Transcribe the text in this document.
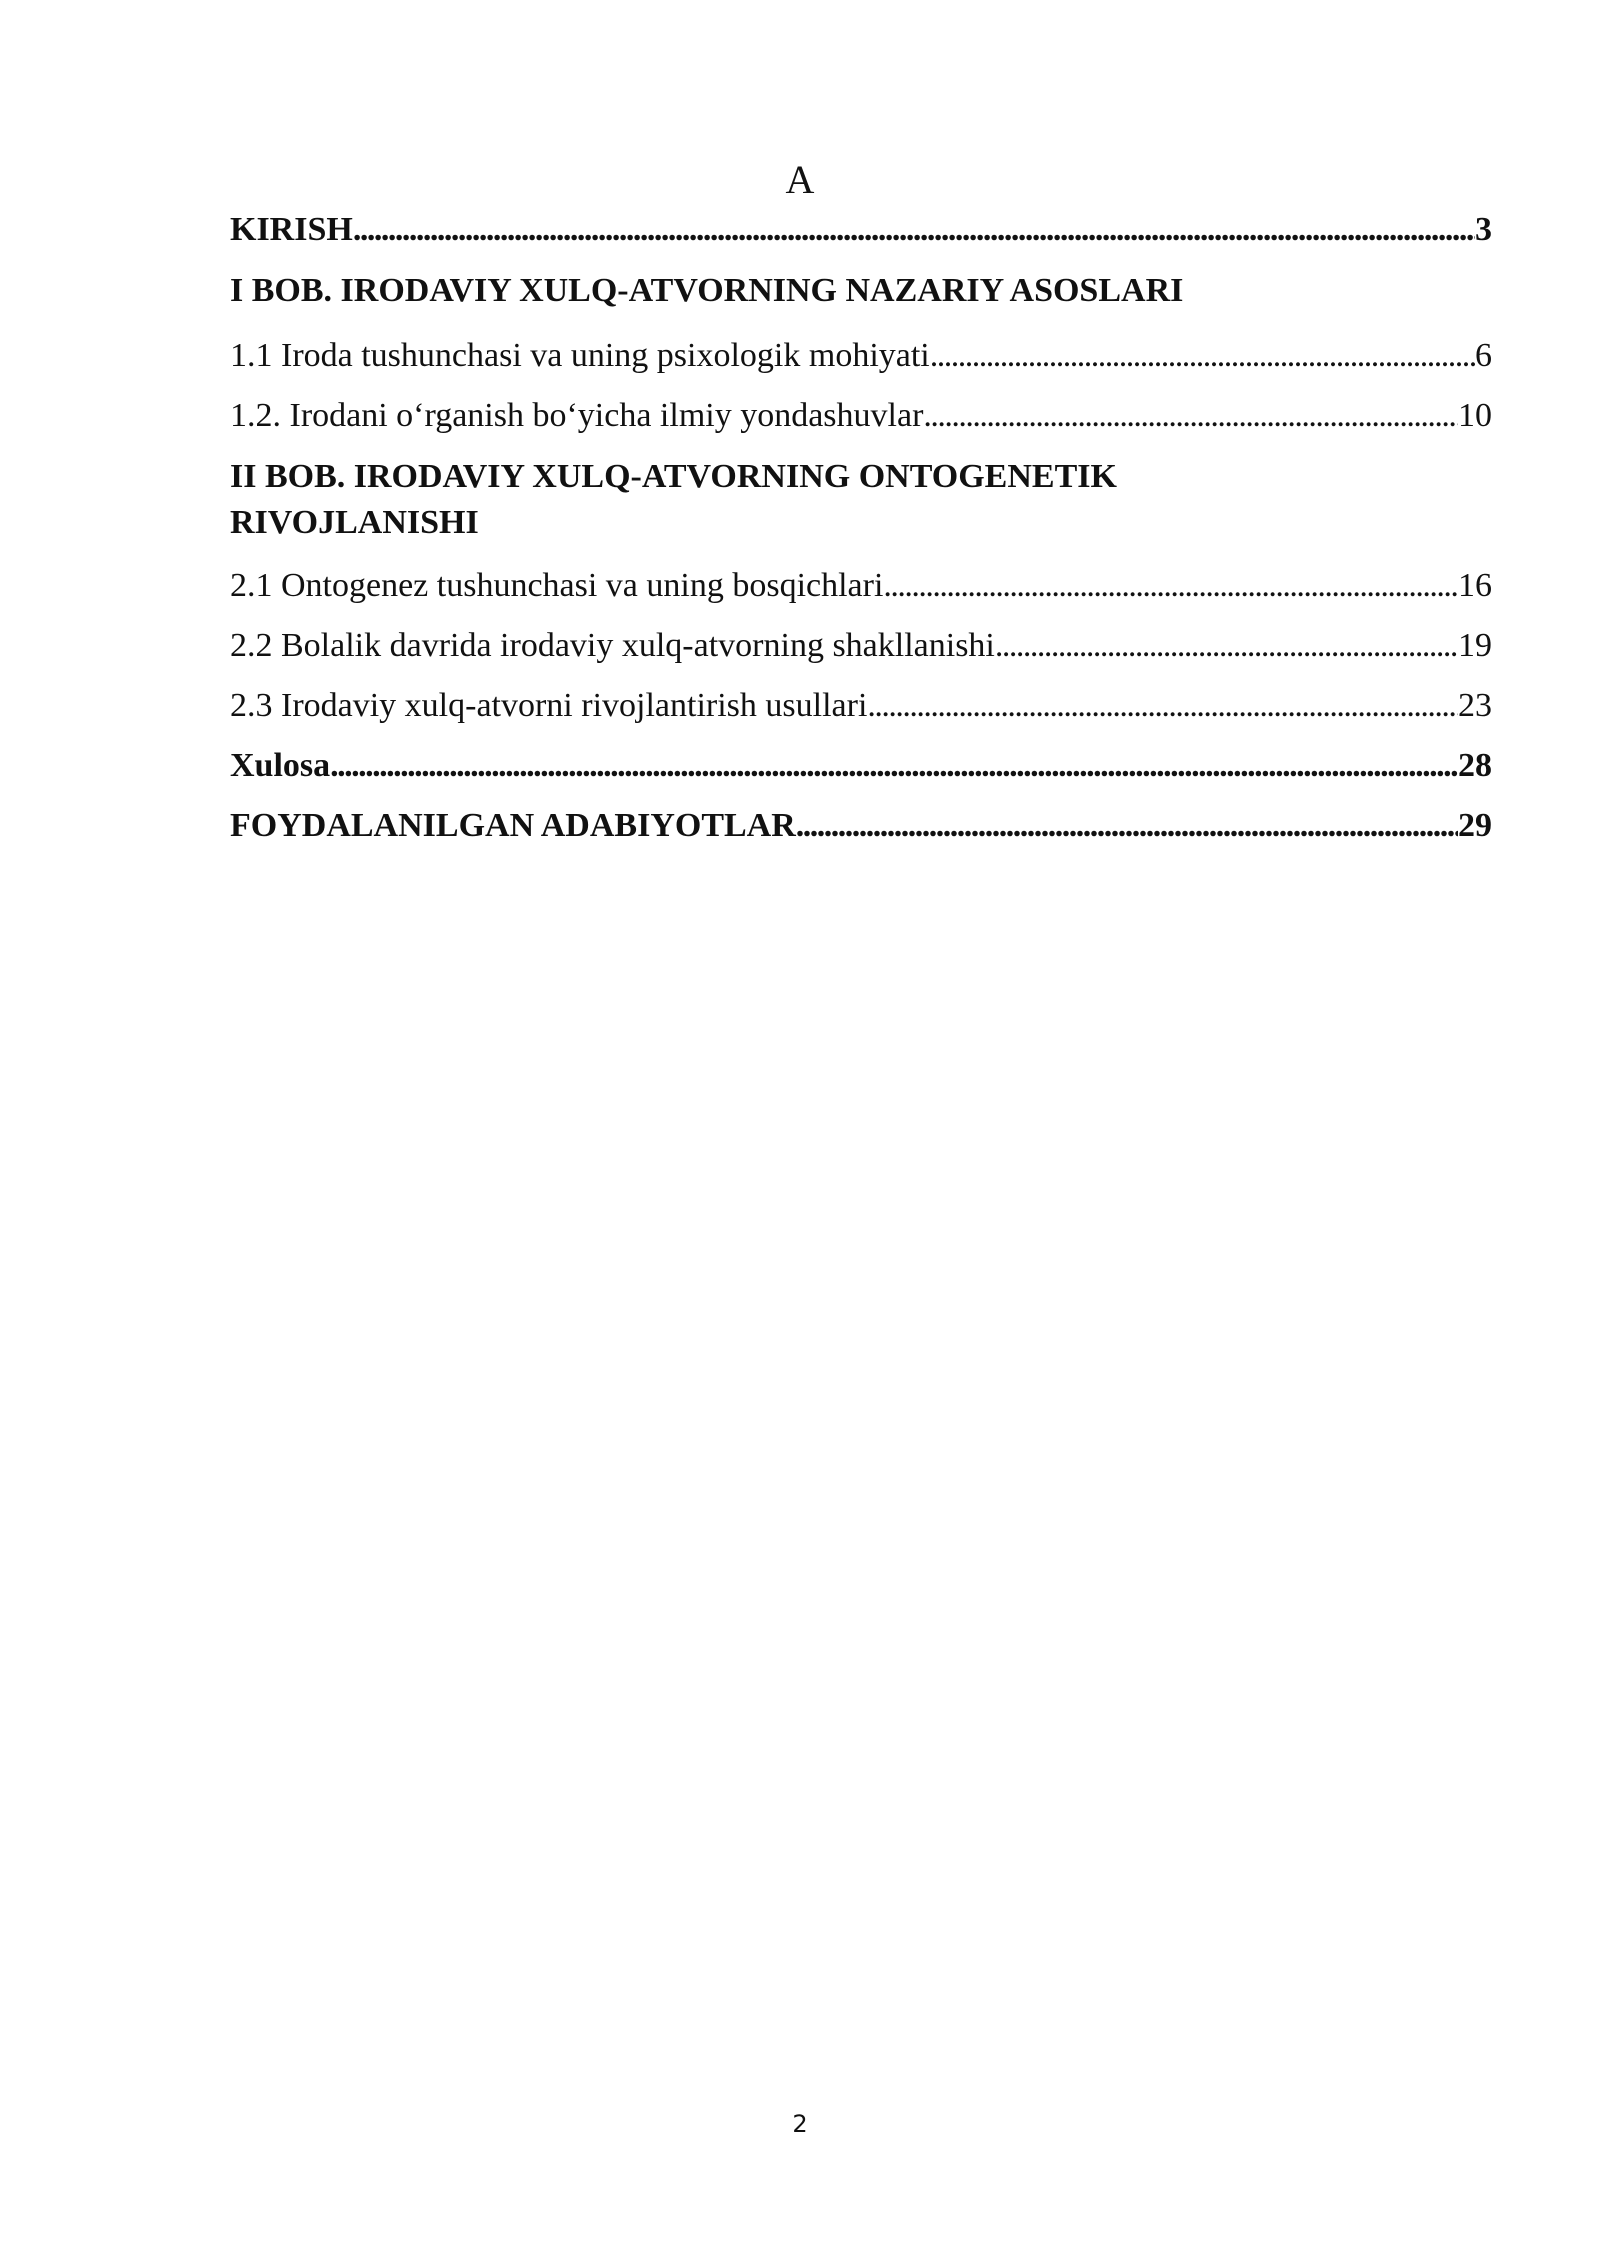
A
KIRISH . . .	3
I BOB. IRODAVIY XULQ-ATVORNING NAZARIY ASOSLARI
1.1 Iroda tushunchasi va uning psixologik mohiyati . . .	6
1.2. Irodani o‘rganish bo‘yicha ilmiy yondashuvlar . . .	10
II BOB. IRODAVIY XULQ-ATVORNING ONTOGENETIK
RIVOJLANISHI
2.1 Ontogenez tushunchasi va uning bosqichlari . . .	16
2.2 Bolalik davrida irodaviy xulq-atvorning shakllanishi . . .	19
2.3 Irodaviy xulq-atvorni rivojlantirish usullari . . .	23
Xulosa . . .	28
FOYDALANILGAN ADABIYOTLAR . . .	29
2
